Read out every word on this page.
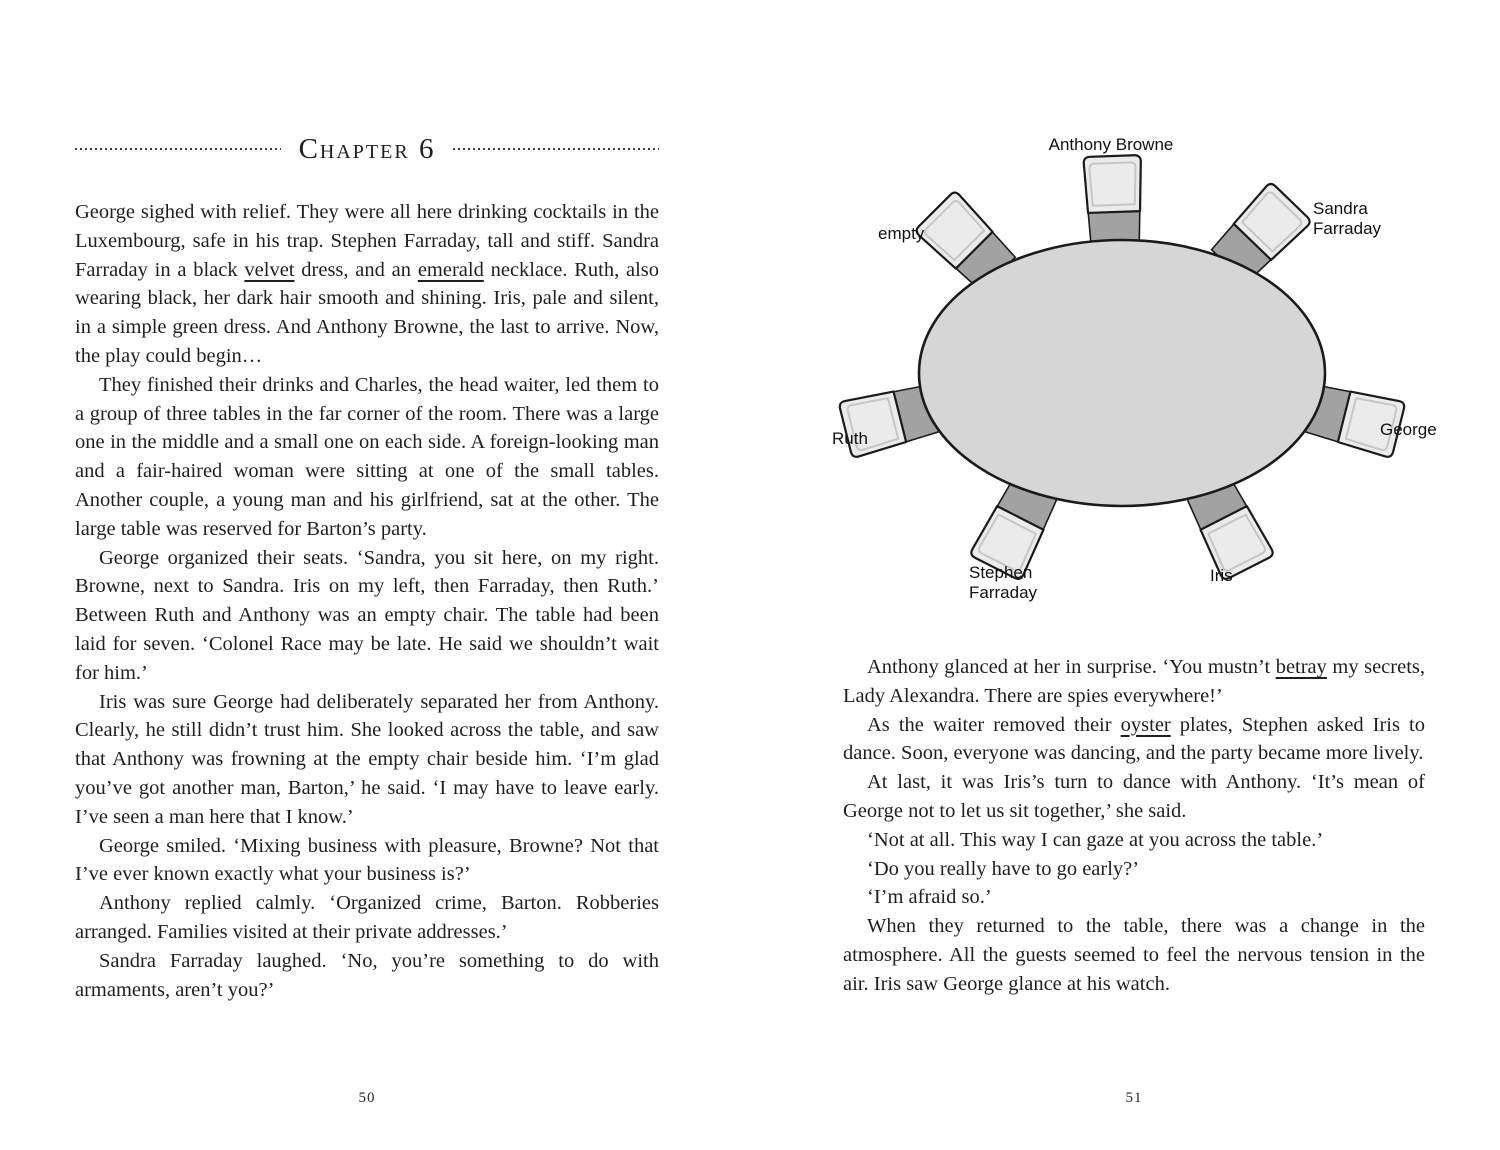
Chapter 6

George sighed with relief. They were all here drinking cocktails in the Luxembourg, safe in his trap. Stephen Farraday, tall and stiff. Sandra Farraday in a black velvet dress, and an emerald necklace. Ruth, also wearing black, her dark hair smooth and shining. Iris, pale and silent, in a simple green dress. And Anthony Browne, the last to arrive. Now, the play could begin…

They finished their drinks and Charles, the head waiter, led them to a group of three tables in the far corner of the room. There was a large one in the middle and a small one on each side. A foreign-looking man and a fair-haired woman were sitting at one of the small tables. Another couple, a young man and his girlfriend, sat at the other. The large table was reserved for Barton’s party.

George organized their seats. ‘Sandra, you sit here, on my right. Browne, next to Sandra. Iris on my left, then Farraday, then Ruth.’ Between Ruth and Anthony was an empty chair. The table had been laid for seven. ‘Colonel Race may be late. He said we shouldn’t wait for him.’

Iris was sure George had deliberately separated her from Anthony. Clearly, he still didn’t trust him. She looked across the table, and saw that Anthony was frowning at the empty chair beside him. ‘I’m glad you’ve got another man, Barton,’ he said. ‘I may have to leave early. I’ve seen a man here that I know.’

George smiled. ‘Mixing business with pleasure, Browne? Not that I’ve ever known exactly what your business is?’

Anthony replied calmly. ‘Organized crime, Barton. Robberies arranged. Families visited at their private addresses.’

Sandra Farraday laughed. ‘No, you’re something to do with armaments, aren’t you?’

Anthony Browne
Sandra Farraday
George
Iris
Stephen Farraday
Ruth
empty

Anthony glanced at her in surprise. ‘You mustn’t betray my secrets, Lady Alexandra. There are spies everywhere!’

As the waiter removed their oyster plates, Stephen asked Iris to dance. Soon, everyone was dancing, and the party became more lively.

At last, it was Iris’s turn to dance with Anthony. ‘It’s mean of George not to let us sit together,’ she said.

‘Not at all. This way I can gaze at you across the table.’

‘Do you really have to go early?’

‘I’m afraid so.’

When they returned to the table, there was a change in the atmosphere. All the guests seemed to feel the nervous tension in the air. Iris saw George glance at his watch.

50	51
